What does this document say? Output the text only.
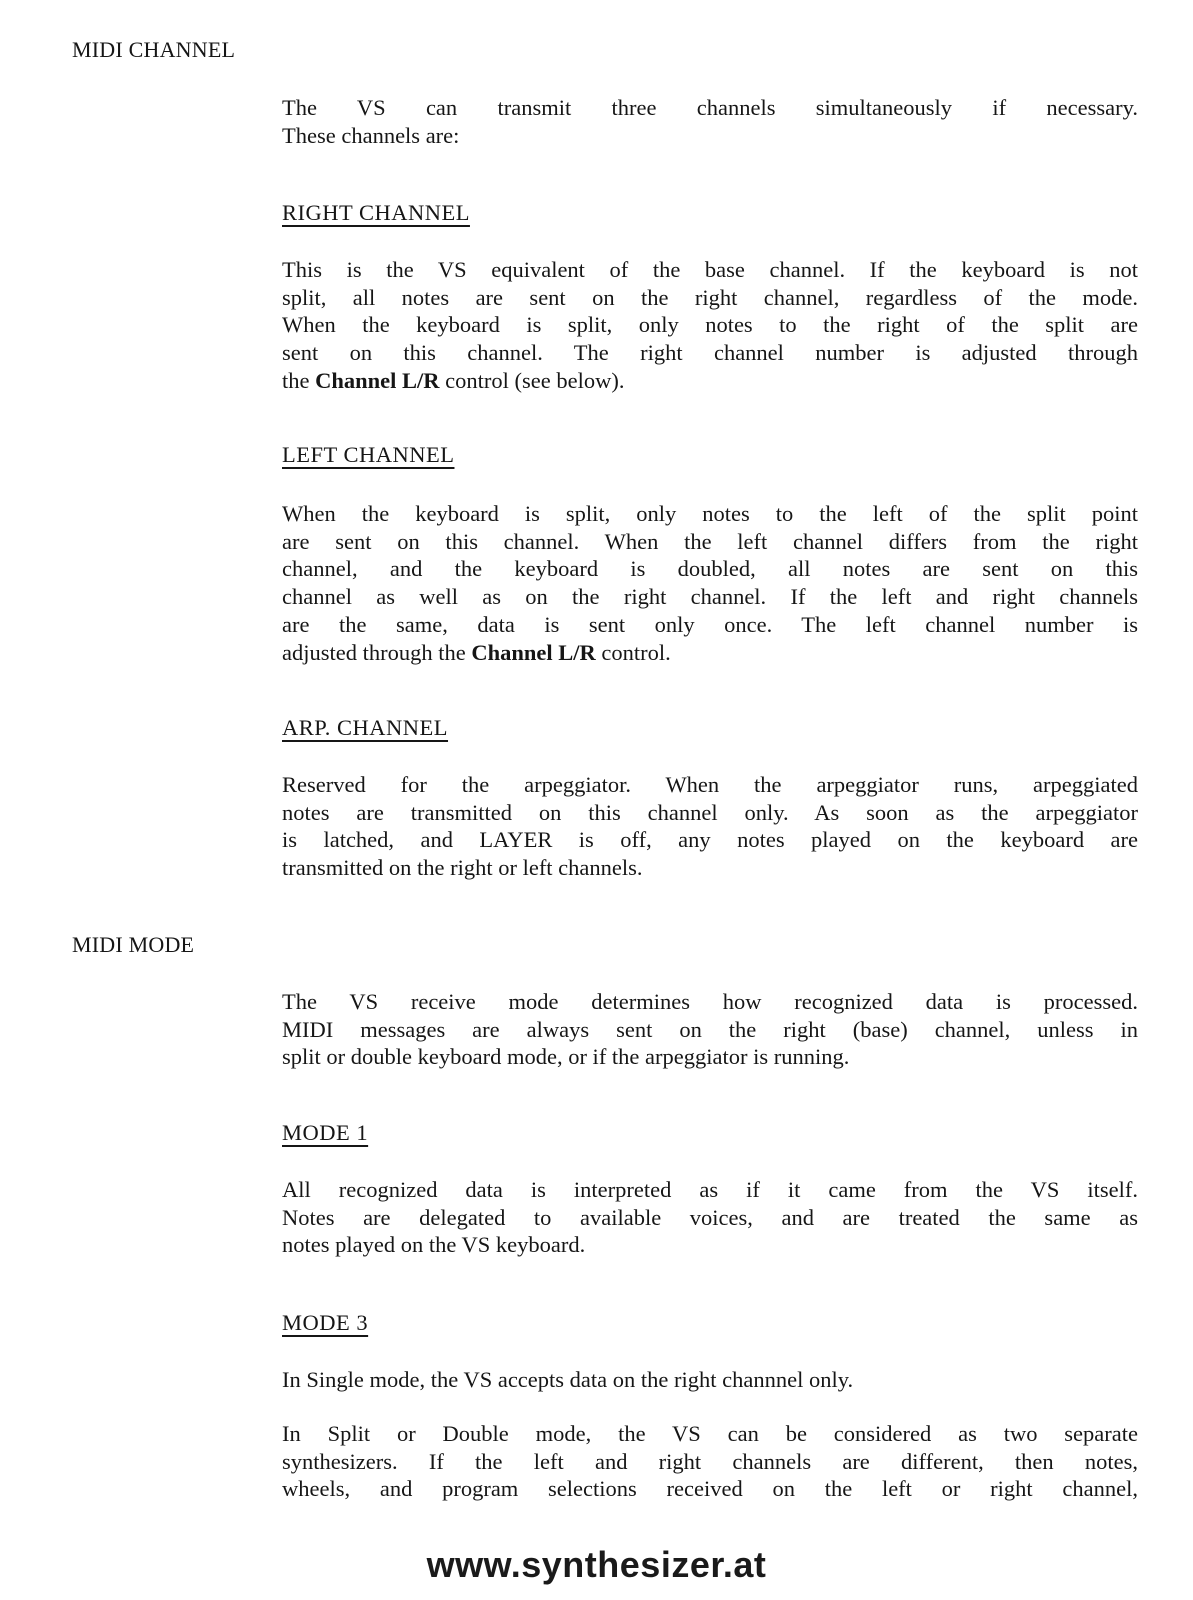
MIDI CHANNEL
The VS can transmit three channels simultaneously if necessary.
These channels are:
RIGHT CHANNEL
This is the VS equivalent of the base channel. If the keyboard is not
split, all notes are sent on the right channel, regardless of the mode.
When the keyboard is split, only notes to the right of the split are
sent on this channel. The right channel number is adjusted through
the Channel L/R control (see below).
LEFT CHANNEL
When the keyboard is split, only notes to the left of the split point
are sent on this channel. When the left channel differs from the right
channel, and the keyboard is doubled, all notes are sent on this
channel as well as on the right channel. If the left and right channels
are the same, data is sent only once. The left channel number is
adjusted through the Channel L/R control.
ARP. CHANNEL
Reserved for the arpeggiator. When the arpeggiator runs, arpeggiated
notes are transmitted on this channel only. As soon as the arpeggiator
is latched, and LAYER is off, any notes played on the keyboard are
transmitted on the right or left channels.
MIDI MODE
The VS receive mode determines how recognized data is processed.
MIDI messages are always sent on the right (base) channel, unless in
split or double keyboard mode, or if the arpeggiator is running.
MODE 1
All recognized data is interpreted as if it came from the VS itself.
Notes are delegated to available voices, and are treated the same as
notes played on the VS keyboard.
MODE 3
In Single mode, the VS accepts data on the right channnel only.
In Split or Double mode, the VS can be considered as two separate
synthesizers. If the left and right channels are different, then notes,
wheels, and program selections received on the left or right channel,
www.synthesizer.at
